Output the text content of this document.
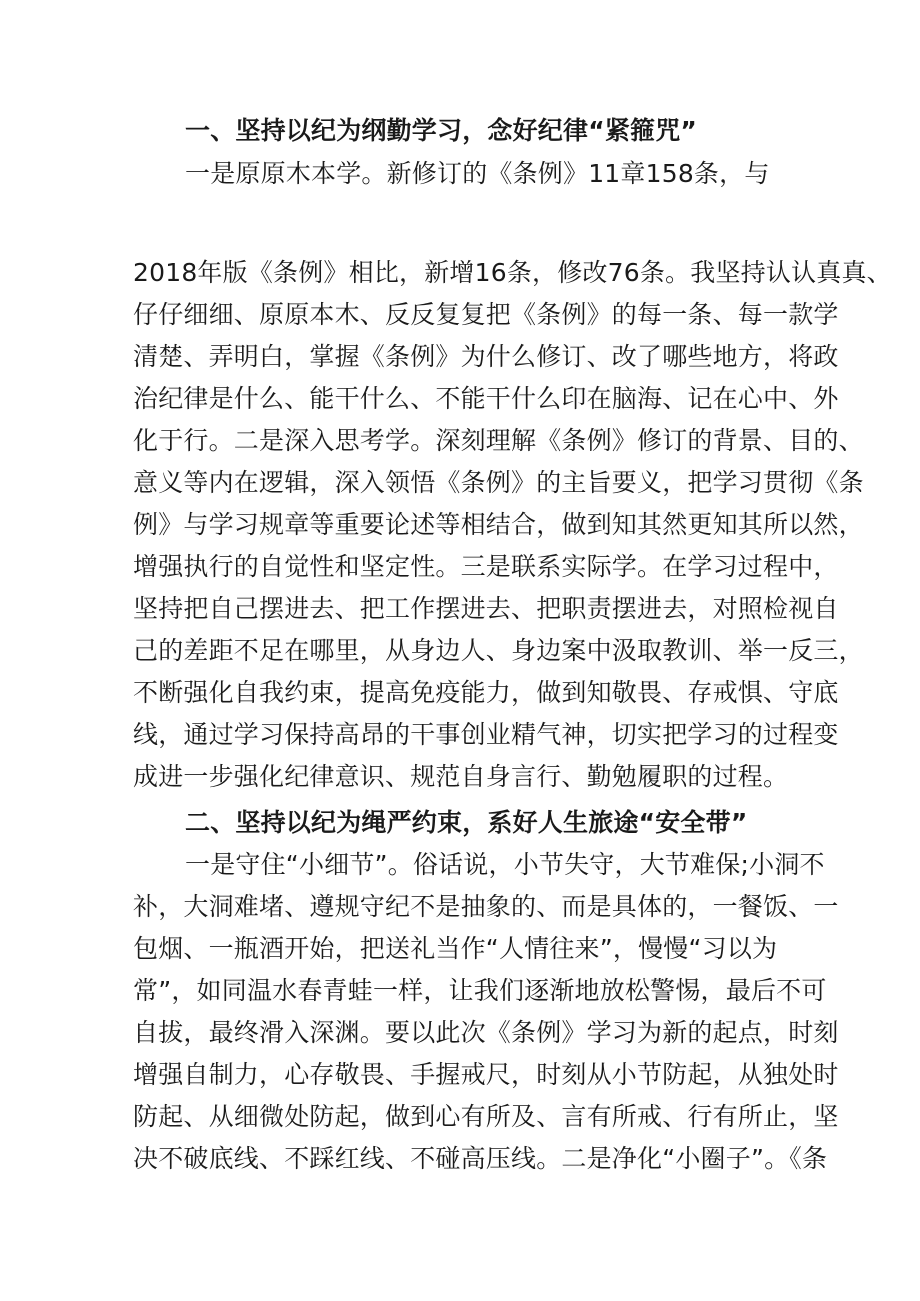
一、坚持以纪为纲勤学习，念好纪律“紧箍咒”

一是原原木本学。新修订的《条例》11章158条，与

2018年版《条例》相比，新增16条，修改76条。我坚持认认真真、

仔仔细细、原原本木、反反复复把《条例》的每一条、每一款学

清楚、弄明白，掌握《条例》为什么修订、改了哪些地方，将政

治纪律是什么、能干什么、不能干什么印在脑海、记在心中、外

化于行。二是深入思考学。深刻理解《条例》修订的背景、目的、

意义等内在逻辑，深入领悟《条例》的主旨要义，把学习贯彻《条

例》与学习规章等重要论述等相结合，做到知其然更知其所以然，

增强执行的自觉性和坚定性。三是联系实际学。在学习过程中，

坚持把自己摆进去、把工作摆进去、把职责摆进去，对照检视自

己的差距不足在哪里，从身边人、身边案中汲取教训、举一反三，

不断强化自我约束，提高免疫能力，做到知敬畏、存戒惧、守底

线，通过学习保持高昂的干事创业精气神，切实把学习的过程变

成进一步强化纪律意识、规范自身言行、勤勉履职的过程。

二、坚持以纪为绳严约束，系好人生旅途“安全带”

一是守住“小细节”。俗话说，小节失守，大节难保;小洞不

补，大洞难堵、遵规守纪不是抽象的、而是具体的，一餐饭、一

包烟、一瓶酒开始，把送礼当作“人情往来”，慢慢“习以为

常”，如同温水春青蛙一样，让我们逐渐地放松警惕，最后不可

自拔，最终滑入深渊。要以此次《条例》学习为新的起点，时刻

增强自制力，心存敬畏、手握戒尺，时刻从小节防起，从独处时

防起、从细微处防起，做到心有所及、言有所戒、行有所止，坚

决不破底线、不踩红线、不碰高压线。二是净化“小圈子”。《条
